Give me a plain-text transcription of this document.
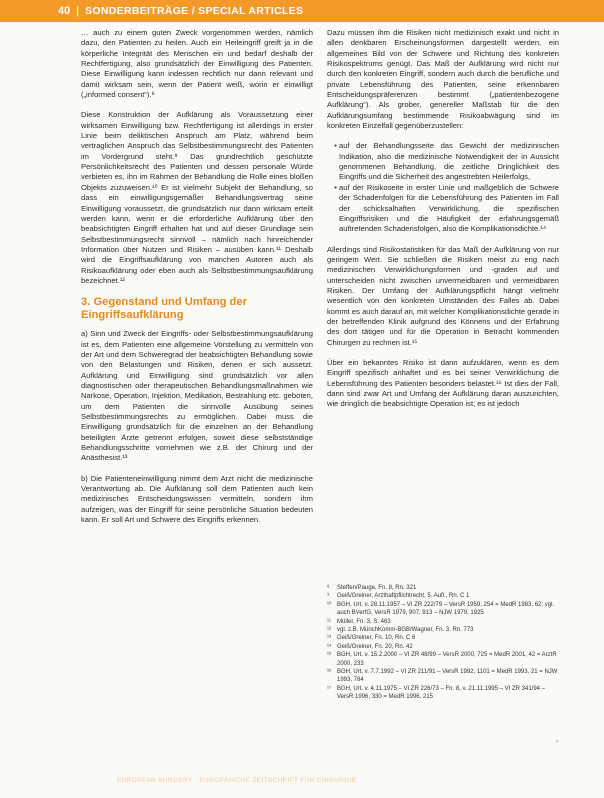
40 | SONDERBEITRÄGE / SPECIAL ARTICLES

… auch zu einem guten Zweck vorgenommen werden, nämlich dazu, den Patienten zu heilen. Auch ein Heileingriff greift ja in die körperliche Integrität des Menschen ein und bedarf deshalb der Rechtfertigung, also grundsätzlich der Einwilligung des Patienten. Diese Einwilligung kann indessen rechtlich nur dann relevant und damit wirksam sein, wenn der Patient weiß, worin er einwilligt („informed consent“).⁸

Diese Konstruktion der Aufklärung als Voraussetzung einer wirksamen Einwilligung bzw. Rechtfertigung ist allerdings in erster Linie beim deliktischen Anspruch am Platz, während beim vertraglichen Anspruch das Selbstbestimmungsrecht des Patienten im Vordergrund steht.⁹ Das grundrechtlich geschützte Persönlichkeitsrecht des Patienten und dessen personale Würde verbieten es, ihn im Rahmen der Behandlung die Rolle eines bloßen Objekts zuzuweisen.¹⁰ Er ist vielmehr Subjekt der Behandlung, so dass ein einwilligungsgemäßer Behandlungsvertrag seine Einwilligung voraussetzt, die grundsätzlich nur dann wirksam erteilt werden kann, wenn er die erforderliche Aufklärung über den beabsichtigten Eingriff erhalten hat und auf dieser Grundlage sein Selbstbestimmungsrecht sinnvoll – nämlich nach hinreichender Information über Nutzen und Risiken – ausüben kann.¹¹ Deshalb wird die Eingriffsaufklärung von manchen Autoren auch als Risikoaufklärung oder eben auch als Selbstbestimmungsaufklärung bezeichnet.¹²

3. Gegenstand und Umfang der Eingriffsaufklärung

a) Sinn und Zweck der Eingriffs- oder Selbstbestimmungsaufklärung ist es, dem Patienten eine allgemeine Vorstellung zu vermitteln von der Art und dem Schweregrad der beabsichtigten Behandlung sowie von den Belastungen und Risiken, denen er sich aussetzt. Aufklärung und Einwilligung sind grundsätzlich vor allen diagnostischen oder therapeutischen Behandlungsmaßnahmen wie Narkose, Operation, Injektion, Medikation, Bestrahlung etc. geboten, um dem Patienten die sinnvolle Ausübung seines Selbstbestimmungsrechts zu ermöglichen. Dabei muss die Einwilligung grundsätzlich für die einzelnen an der Behandlung beteiligten Ärzte getrennt erfolgen, soweit diese selbstständige Behandlungsschritte vornehmen wie z.B. der Chirurg und der Anästhesist.¹³

b) Die Patienteneinwilligung nimmt dem Arzt nicht die medizinische Verantwortung ab. Die Aufklärung soll dem Patienten auch kein medizinisches Entscheidungswissen vermitteln, sondern ihm aufzeigen, was der Eingriff für seine persönliche Situation bedeuten kann. Er soll Art und Schwere des Eingriffs erkennen.

Dazu müssen ihm die Risiken nicht medizinisch exakt und nicht in allen denkbaren Erscheinungsformen dargestellt werden, ein allgemeines Bild von der Schwere und Richtung des konkreten Risikospektrums genügt. Das Maß der Aufklärung wird nicht nur durch den konkreten Eingriff, sondern auch durch die berufliche und private Lebensführung des Patienten, seine erkennbaren Entscheidungspräferenzen bestimmt („patientenbezogene Aufklärung“). Als grober, genereller Maßstab für die den Aufklärungsumfang bestimmende Risikoabwägung sind im konkreten Einzelfall gegenüberzustellen:

• auf der Behandlungsseite das Gewicht der medizinischen Indikation, also die medizinische Notwendigkeit der in Aussicht genommenen Behandlung, die zeitliche Dringlichkeit des Eingriffs und die Sicherheit des angestrebten Heilerfolgs,
• auf der Risikoseite in erster Linie und maßgeblich die Schwere der Schadenfolgen für die Lebensführung des Patienten im Fall der schicksalhaften Verwirklichung, die spezifischen Eingriffsrisiken und die Häufigkeit der erfahrungsgemäß auftretenden Schadensfolgen, also die Komplikationsdichte.¹⁴

Allerdings sind Risikostatistiken für das Maß der Aufklärung von nur geringem Wert. Sie schließen die Risiken meist zu eng nach medizinischen Verwirklichungsformen und -graden auf und unterscheiden nicht zwischen unvermeidbaren und vermeidbaren Risiken. Der Umfang der Aufklärungspflicht hängt vielmehr wesentlich von den konkreten Umständen des Falles ab. Dabei kommt es auch darauf an, mit welcher Komplikationsdichte gerade in der betreffenden Klinik aufgrund des Könnens und der Erfahrung des dort tätigen und für die Operation in Betracht kommenden Chirurgen zu rechnen ist.¹⁵

Über ein bekanntes Risiko ist dann aufzuklären, wenn es dem Eingriff spezifisch anhaftet und es bei seiner Verwirklichung die Lebensführung des Patienten besonders belastet.¹⁶ Ist dies der Fall, dann sind zwar Art und Umfang der Aufklärung daran auszurichten, wie dringlich die beabsichtigte Operation ist; es ist jedoch

⁸	Steffen/Pauge, Fn. 8, Rn. 321
⁹	Geiß/Greiner, Arzthaftpflichtrecht, 5. Aufl., Rn. C 1
¹⁰ BGH, Urt. v. 28.11.1957 – VI ZR 222/79 – VersR 1959, 254 = MedR 1983, 62; vgl. auch BVerfG, VersR 1979, 907, 913 – NJW 1979, 1925
¹¹	Müller, Fn. 3, S. 463
¹²	vgl. z.B. MünchKomm-BGB/Wagner, Fn. 3, Rn. 773
¹³	Geiß/Greiner, Fn. 10, Rn. C 6
¹⁴ Geiß/Greiner, Fn. 20, Rn. 42
¹⁵ BGH, Urt. v. 15.2.2000 – VI ZR 48/99 – VersR 2000, 725 = MedR 2001, 42 = ArztR 2000, 233
¹⁶ BGH, Urt. v. 7.7.1992 – VI ZR 211/91 – VersR 1992, 1101 = MedR 1993, 21 = NJW 1993, 784
¹⁷ BGH, Urt. v. 4.11.1975 – VI ZR 226/73 – Fn. 8, v. 21.11.1995 – VI ZR 341/94 – VersR 1996, 330 = MedR 1996, 215
›
EUROPEAN SURGERY · EUROPÄISCHE ZEITSCHRIFT FÜR CHIRURGIE
